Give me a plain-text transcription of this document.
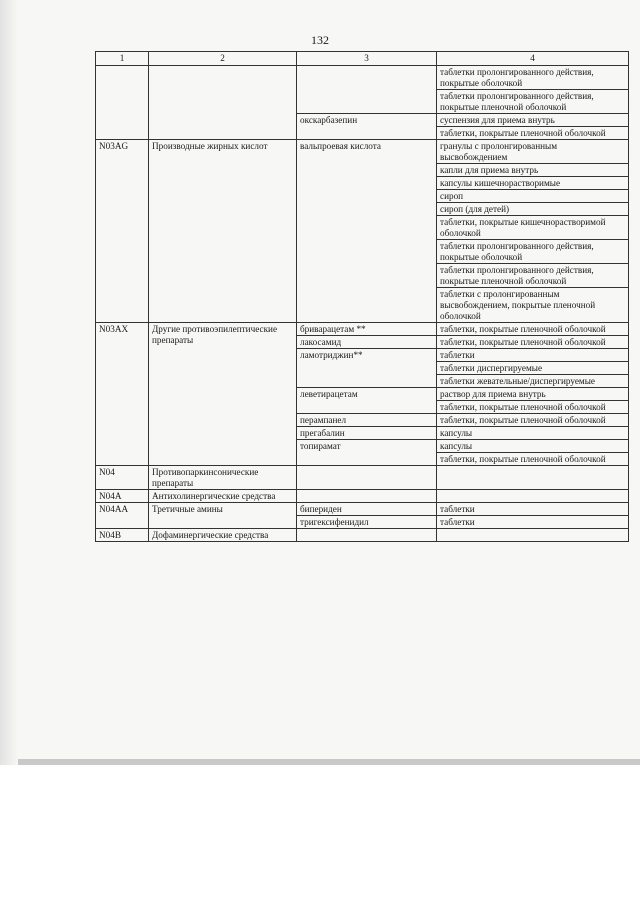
132
1	2	3	4
			таблетки пролонгированного действия, покрытые оболочкой
			таблетки пролонгированного действия, покрытые пленочной оболочкой
		окскарбазепин	суспензия для приема внутрь
			таблетки, покрытые пленочной оболочкой
N03AG	Производные жирных кислот	вальпроевая кислота	гранулы с пролонгированным высвобождением
			капли для приема внутрь
			капсулы кишечнорастворимые
			сироп
			сироп (для детей)
			таблетки, покрытые кишечнорастворимой оболочкой
			таблетки пролонгированного действия, покрытые оболочкой
			таблетки пролонгированного действия, покрытые пленочной оболочкой
			таблетки с пролонгированным высвобождением, покрытые пленочной оболочкой
N03AX	Другие противоэпилептические препараты	бриварацетам **	таблетки, покрытые пленочной оболочкой
		лакосамид	таблетки, покрытые пленочной оболочкой
		ламотриджин**	таблетки
			таблетки диспергируемые
			таблетки жевательные/диспергируемые
		леветирацетам	раствор для приема внутрь
			таблетки, покрытые пленочной оболочкой
		перампанел	таблетки, покрытые пленочной оболочкой
		прегабалин	капсулы
		топирамат	капсулы
			таблетки, покрытые пленочной оболочкой
N04	Противопаркинсонические препараты		
N04A	Антихолинергические средства		
N04AA	Третичные амины	бипериден	таблетки
		тригексифенидил	таблетки
N04B	Дофаминергические средства		
